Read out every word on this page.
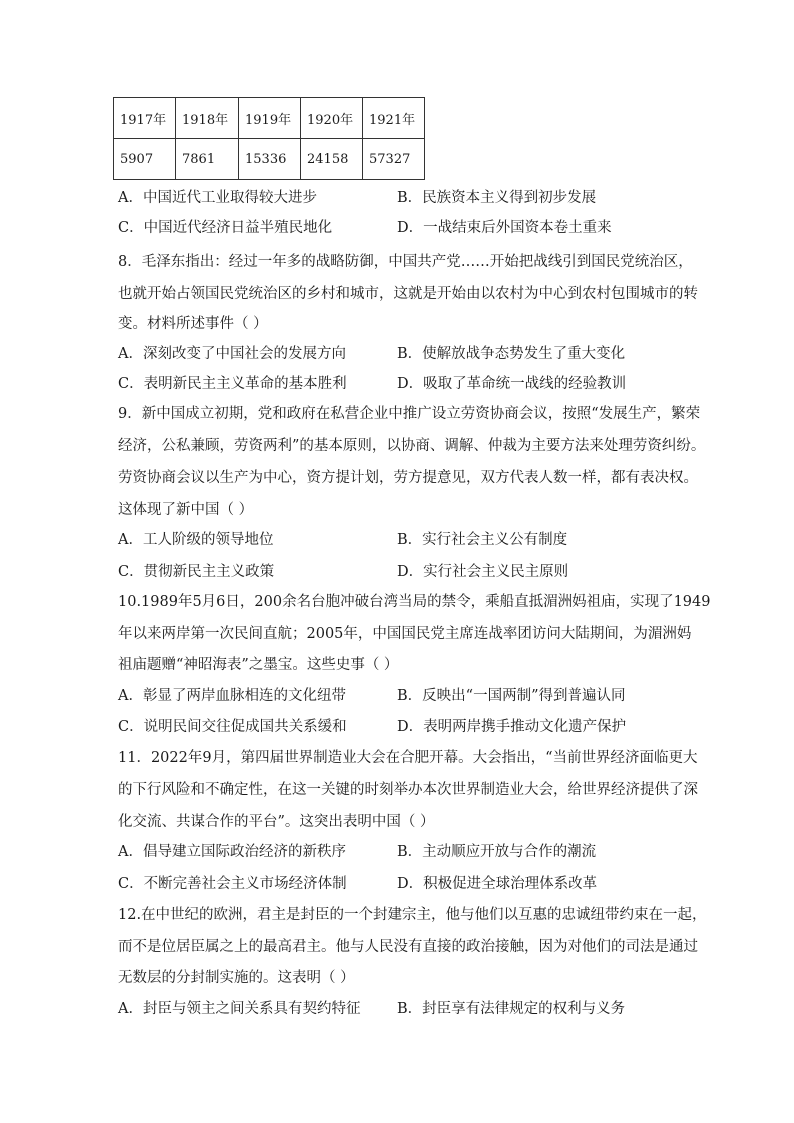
1917年	1918年	1919年	1920年	1921年
5907	7861	15336	24158	57327
A．中国近代工业取得较大进步	B．民族资本主义得到初步发展
C．中国近代经济日益半殖民地化	D．一战结束后外国资本卷土重来
8．毛泽东指出：经过一年多的战略防御，中国共产党……开始把战线引到国民党统治区，
也就开始占领国民党统治区的乡村和城市，这就是开始由以农村为中心到农村包围城市的转
变。材料所述事件（ ）
A．深刻改变了中国社会的发展方向	B．使解放战争态势发生了重大变化
C．表明新民主主义革命的基本胜利	D．吸取了革命统一战线的经验教训
9．新中国成立初期，党和政府在私营企业中推广设立劳资协商会议，按照“发展生产，繁荣
经济，公私兼顾，劳资两利”的基本原则，以协商、调解、仲裁为主要方法来处理劳资纠纷。
劳资协商会议以生产为中心，资方提计划，劳方提意见，双方代表人数一样，都有表决权。
这体现了新中国（ ）
A．工人阶级的领导地位	B．实行社会主义公有制度
C．贯彻新民主主义政策	D．实行社会主义民主原则
10.1989年5月6日，200余名台胞冲破台湾当局的禁令，乘船直抵湄洲妈祖庙，实现了1949
年以来两岸第一次民间直航；2005年，中国国民党主席连战率团访问大陆期间，为湄洲妈
祖庙题赠“神昭海表”之墨宝。这些史事（ ）
A．彰显了两岸血脉相连的文化纽带	B．反映出“一国两制”得到普遍认同
C．说明民间交往促成国共关系缓和	D．表明两岸携手推动文化遗产保护
11．2022年9月，第四届世界制造业大会在合肥开幕。大会指出，“当前世界经济面临更大
的下行风险和不确定性，在这一关键的时刻举办本次世界制造业大会，给世界经济提供了深
化交流、共谋合作的平台”。这突出表明中国（ ）
A．倡导建立国际政治经济的新秩序	B．主动顺应开放与合作的潮流
C．不断完善社会主义市场经济体制	D．积极促进全球治理体系改革
12.在中世纪的欧洲，君主是封臣的一个封建宗主，他与他们以互惠的忠诚纽带约束在一起，
而不是位居臣属之上的最高君主。他与人民没有直接的政治接触，因为对他们的司法是通过
无数层的分封制实施的。这表明（ ）
A．封臣与领主之间关系具有契约特征	B．封臣享有法律规定的权利与义务
